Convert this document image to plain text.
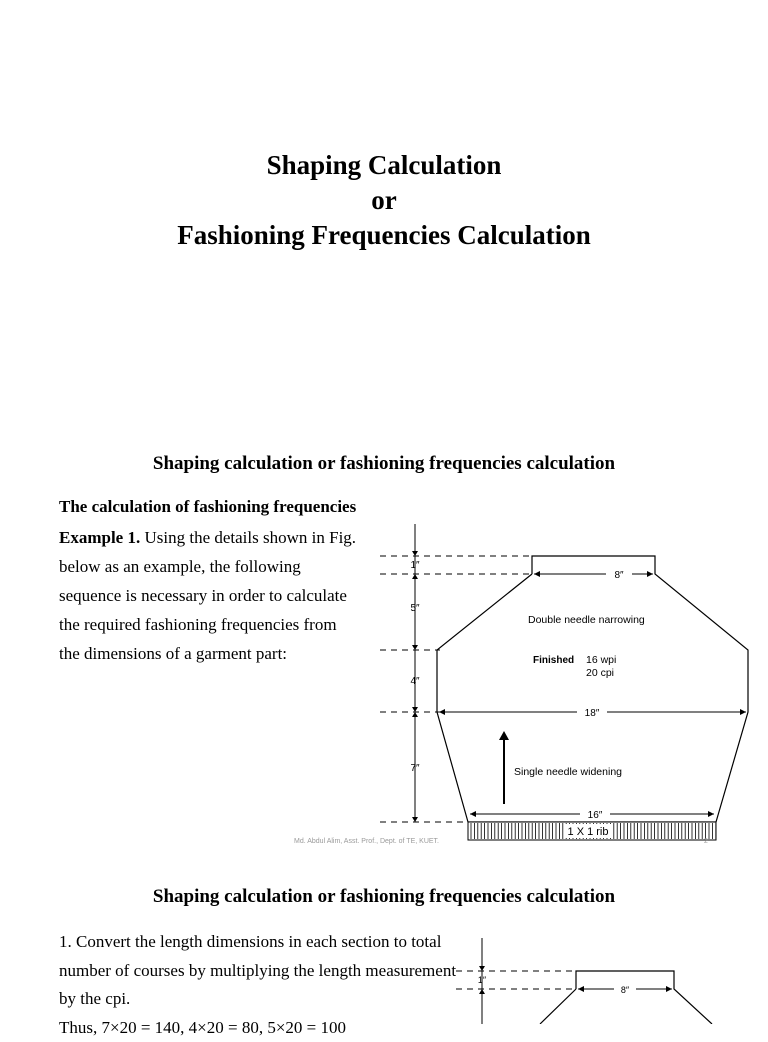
Shaping Calculation
or
Fashioning Frequencies Calculation
Shaping calculation or fashioning frequencies calculation
The calculation of fashioning frequencies
Example 1. Using the details shown in Fig. below as an example, the following sequence is necessary in order to calculate the required fashioning frequencies from the dimensions of a garment part:
1 X 1 rib
8″
18″
16″
1″
5″
4″
7″
Double needle narrowing
Finished 16 wpi
20 cpi
Single needle widening
Md. Abdul Alim, Asst. Prof., Dept. of TE, KUET.	2
Shaping calculation or fashioning frequencies calculation
1. Convert the length dimensions in each section to total number of courses by multiplying the length measurement by the cpi.
Thus, 7×20 = 140, 4×20 = 80, 5×20 = 100
8″
1″
